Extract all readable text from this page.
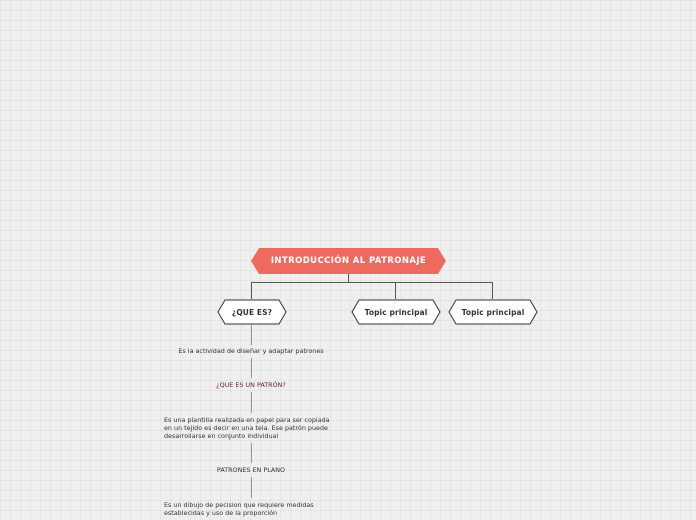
INTRODUCCIÓN AL PATRONAJE
¿QUE ES?	Topic principal	Topic principal
Es la actividad de diseñar y adaptar patrones
¿QUE ES UN PATRÓN?
Es una plantilla realizada en papel para ser copiada
en un tejido es decir en una tela. Ese patrón puede
desarrollarse en conjunto individual
PATRONES EN PLANO
Es un dibujo de pecision que requiere medidas
establecidas y uso de la proporción
